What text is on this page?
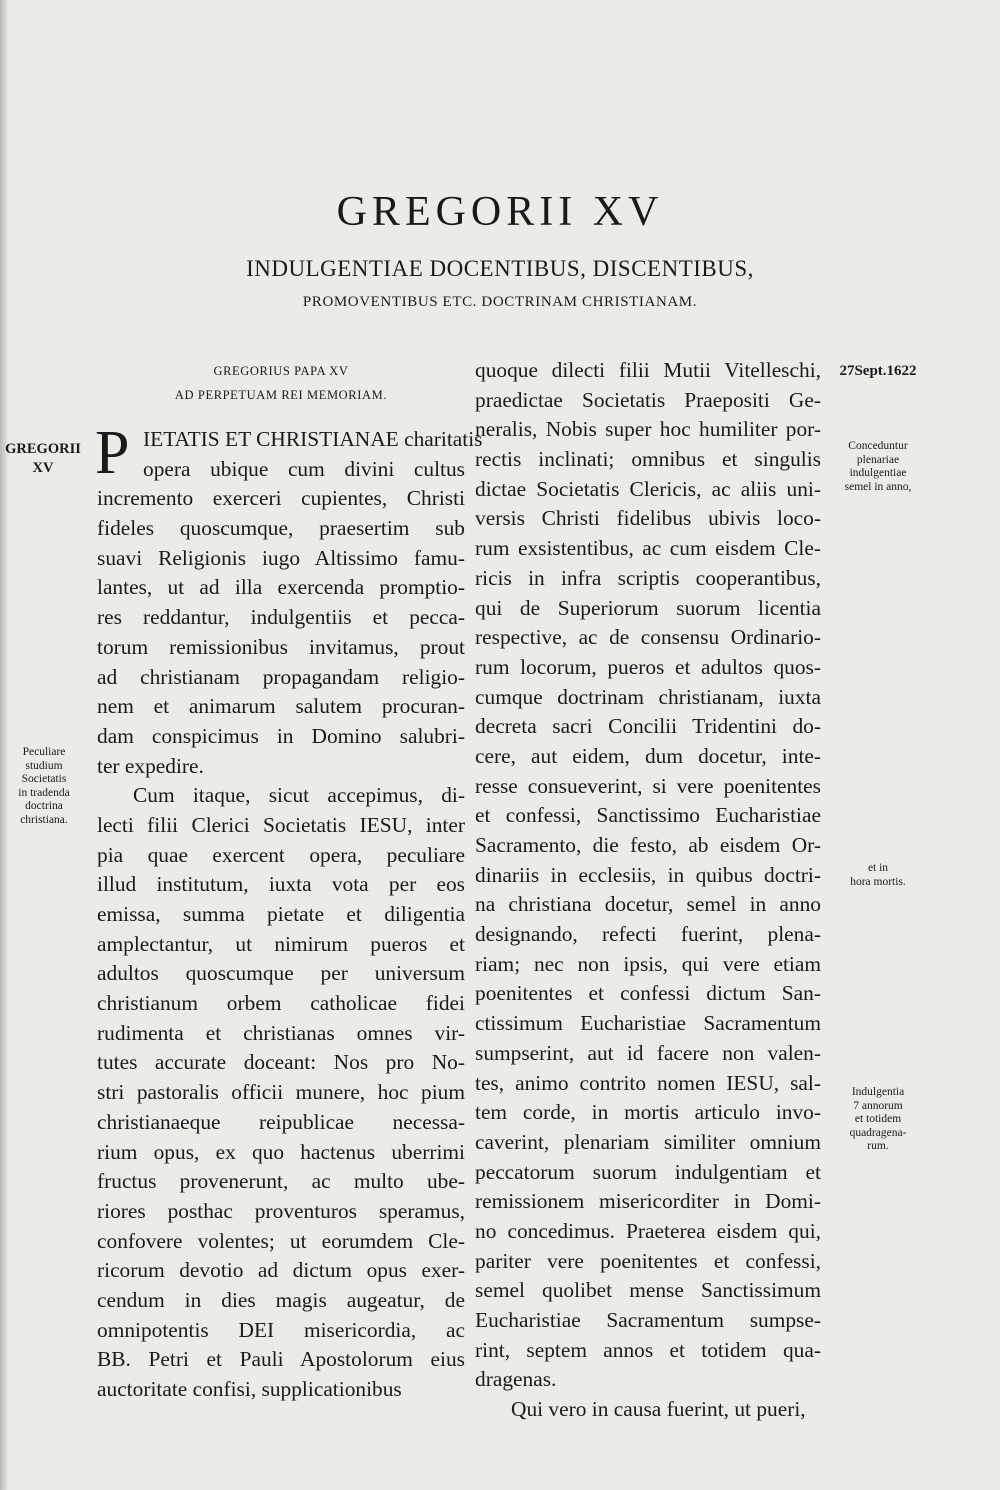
GREGORII XV
INDULGENTIAE DOCENTIBUS, DISCENTIBUS,
PROMOVENTIBUS ETC. DOCTRINAM CHRISTIANAM.
GREGORIUS PAPA XV
AD PERPETUAM REI MEMORIAM.
GREGORII
XV
Peculiare
studium
Societatis
in tradenda
doctrina
christiana.
27Sept.1622
Conceduntur
plenariae
indulgentiae
semel in anno,
et in
hora mortis.
Indulgentia
7 annorum
et totidem
quadragena-
rum.
P IETATIS ET CHRISTIANAE charitatis
opera ubique cum divini cultus
incremento exerceri cupientes, Christi
fideles quoscumque, praesertim sub
suavi Religionis iugo Altissimo famu-
lantes, ut ad illa exercenda promptio-
res reddantur, indulgentiis et pecca-
torum remissionibus invitamus, prout
ad christianam propagandam religio-
nem et animarum salutem procuran-
dam conspicimus in Domino salubri-
ter expedire.
Cum itaque, sicut accepimus, di-
lecti filii Clerici Societatis IESU, inter
pia quae exercent opera, peculiare
illud institutum, iuxta vota per eos
emissa, summa pietate et diligentia
amplectantur, ut nimirum pueros et
adultos quoscumque per universum
christianum orbem catholicae fidei
rudimenta et christianas omnes vir-
tutes accurate doceant: Nos pro No-
stri pastoralis officii munere, hoc pium
christianaeque reipublicae necessa-
rium opus, ex quo hactenus uberrimi
fructus provenerunt, ac multo ube-
riores posthac proventuros speramus,
confovere volentes; ut eorumdem Cle-
ricorum devotio ad dictum opus exer-
cendum in dies magis augeatur, de
omnipotentis DEI misericordia, ac
BB. Petri et Pauli Apostolorum eius
auctoritate confisi, supplicationibus
quoque dilecti filii Mutii Vitelleschi,
praedictae Societatis Praepositi Ge-
neralis, Nobis super hoc humiliter por-
rectis inclinati; omnibus et singulis
dictae Societatis Clericis, ac aliis uni-
versis Christi fidelibus ubivis loco-
rum exsistentibus, ac cum eisdem Cle-
ricis in infra scriptis cooperantibus,
qui de Superiorum suorum licentia
respective, ac de consensu Ordinario-
rum locorum, pueros et adultos quos-
cumque doctrinam christianam, iuxta
decreta sacri Concilii Tridentini do-
cere, aut eidem, dum docetur, inte-
resse consueverint, si vere poenitentes
et confessi, Sanctissimo Eucharistiae
Sacramento, die festo, ab eisdem Or-
dinariis in ecclesiis, in quibus doctri-
na christiana docetur, semel in anno
designando, refecti fuerint, plena-
riam; nec non ipsis, qui vere etiam
poenitentes et confessi dictum San-
ctissimum Eucharistiae Sacramentum
sumpserint, aut id facere non valen-
tes, animo contrito nomen IESU, sal-
tem corde, in mortis articulo invo-
caverint, plenariam similiter omnium
peccatorum suorum indulgentiam et
remissionem misericorditer in Domi-
no concedimus. Praeterea eisdem qui,
pariter vere poenitentes et confessi,
semel quolibet mense Sanctissimum
Eucharistiae Sacramentum sumpse-
rint, septem annos et totidem qua-
dragenas.
Qui vero in causa fuerint, ut pueri,
